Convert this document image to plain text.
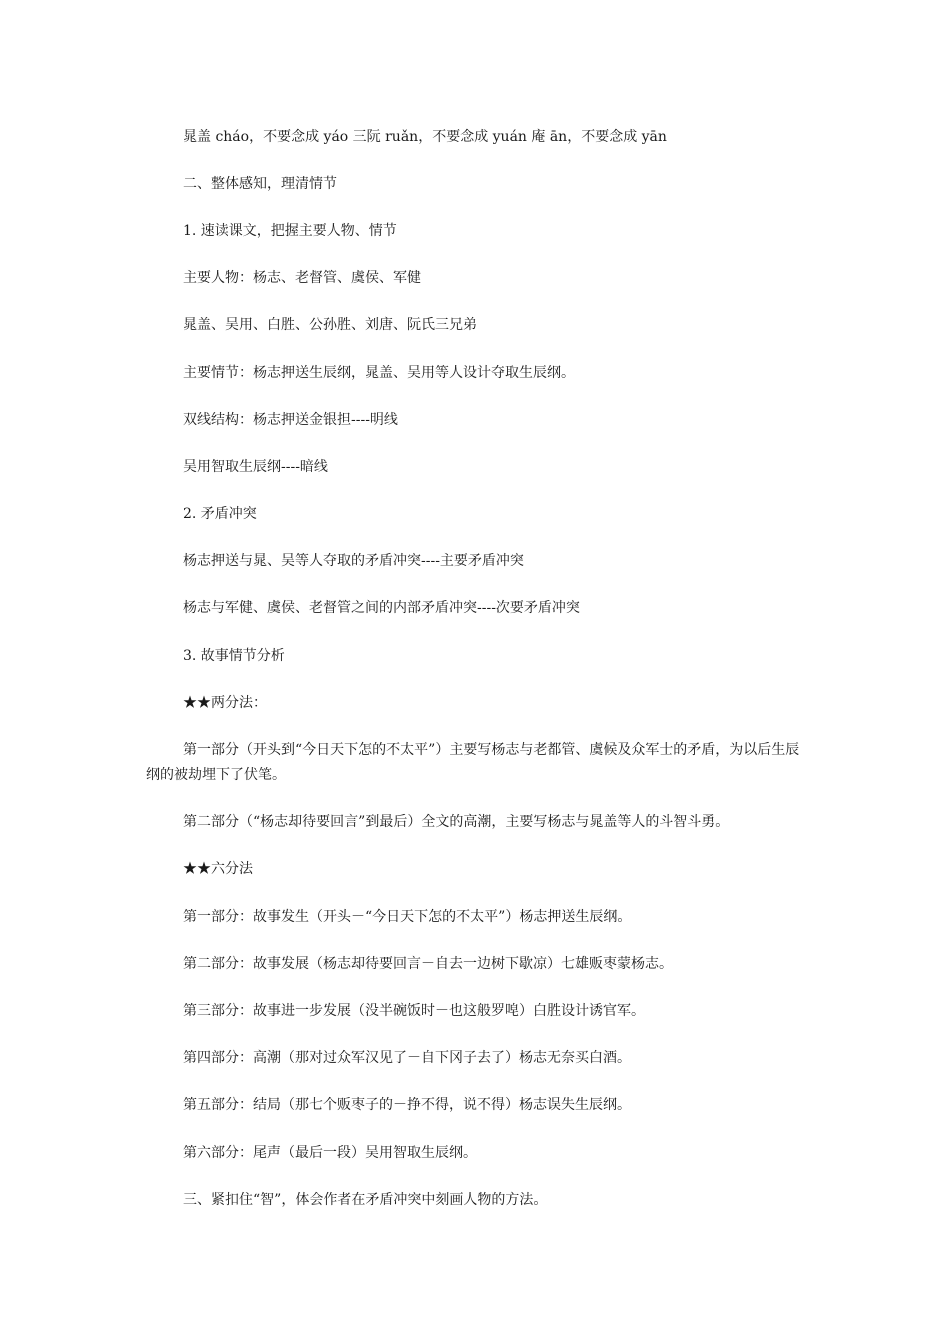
晁盖 cháo，不要念成 yáo 三阮 ruǎn，不要念成 yuán 庵 ān，不要念成 yān
二、整体感知，理清情节
1. 速读课文，把握主要人物、情节
主要人物：杨志、老督管、虞侯、军健
晁盖、吴用、白胜、公孙胜、刘唐、阮氏三兄弟
主要情节：杨志押送生辰纲，晁盖、吴用等人设计夺取生辰纲。
双线结构：杨志押送金银担----明线
吴用智取生辰纲----暗线
2. 矛盾冲突
杨志押送与晁、吴等人夺取的矛盾冲突----主要矛盾冲突
杨志与军健、虞侯、老督管之间的内部矛盾冲突----次要矛盾冲突
3. 故事情节分析
★★两分法：
第一部分（开头到“今日天下怎的不太平”）主要写杨志与老都管、虞候及众军士的矛盾，为以后生辰纲的被劫埋下了伏笔。
第二部分（“杨志却待要回言”到最后）全文的高潮，主要写杨志与晁盖等人的斗智斗勇。
★★六分法
第一部分：故事发生（开头－“今日天下怎的不太平”）杨志押送生辰纲。
第二部分：故事发展（杨志却待要回言－自去一边树下歇凉）七雄贩枣蒙杨志。
第三部分：故事进一步发展（没半碗饭时－也这般罗唣）白胜设计诱官军。
第四部分：高潮（那对过众军汉见了－自下冈子去了）杨志无奈买白酒。
第五部分：结局（那七个贩枣子的－挣不得，说不得）杨志误失生辰纲。
第六部分：尾声（最后一段）吴用智取生辰纲。
三、紧扣住“智”，体会作者在矛盾冲突中刻画人物的方法。
